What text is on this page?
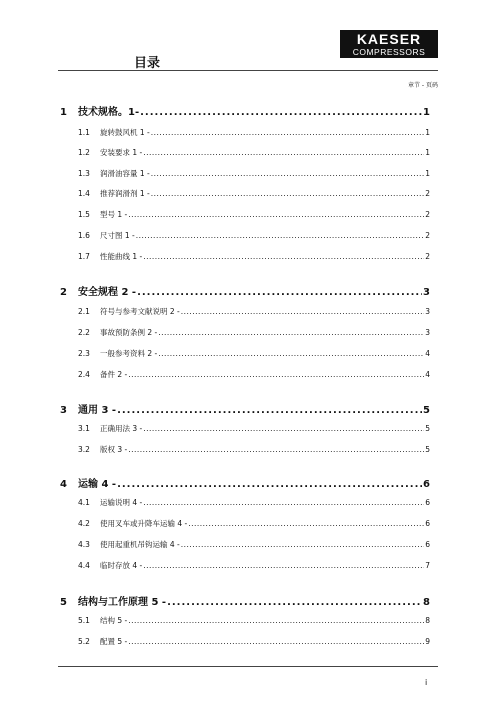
KAESER
COMPRESSORS
目录
章节 - 页码
1	技术规格。1- .....	1
1.1	旋转鼓风机 1 - .....	1
1.2	安装要求 1 - .....	1
1.3	润滑油容量 1 - .....	1
1.4	推荐润滑剂 1 - .....	2
1.5	型号 1 - .....	2
1.6	尺寸图 1 - .....	2
1.7	性能曲线 1 - .....	2
2	安全规程 2 - .....	3
2.1	符号与参考文献说明 2 - .....	3
2.2	事故预防条例 2 - .....	3
2.3	一般参考资料 2 - .....	4
2.4	备件 2 - .....	4
3	通用 3 - .....	5
3.1	正确用法 3 - .....	5
3.2	版权 3 - .....	5
4	运输 4 - .....	6
4.1	运输说明 4 - .....	6
4.2	使用叉车或升降车运输 4 - .....	6
4.3	使用起重机吊钩运输 4 - .....	6
4.4	临时存放 4 - .....	7
5	结构与工作原理 5 - .....	8
5.1	结构 5 - .....	8
5.2	配置 5 - .....	9
i
